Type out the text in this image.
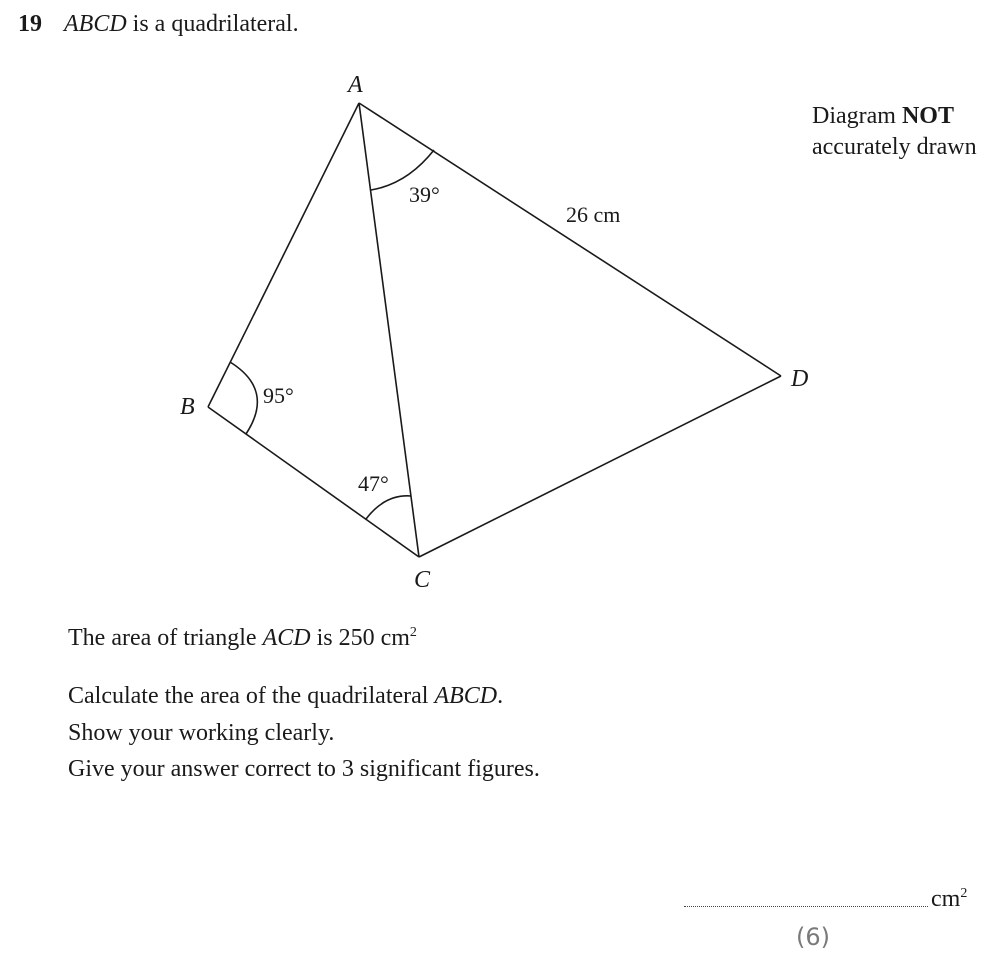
19 ABCD is a quadrilateral.
A
B
C
D
39°
95°
47°
26 cm
Diagram NOT
accurately drawn
The area of triangle ACD is 250 $cm^2$
Calculate the area of the quadrilateral ABCD.
Show your working clearly.
Give your answer correct to 3 significant figures.
$cm^2$
(6)
